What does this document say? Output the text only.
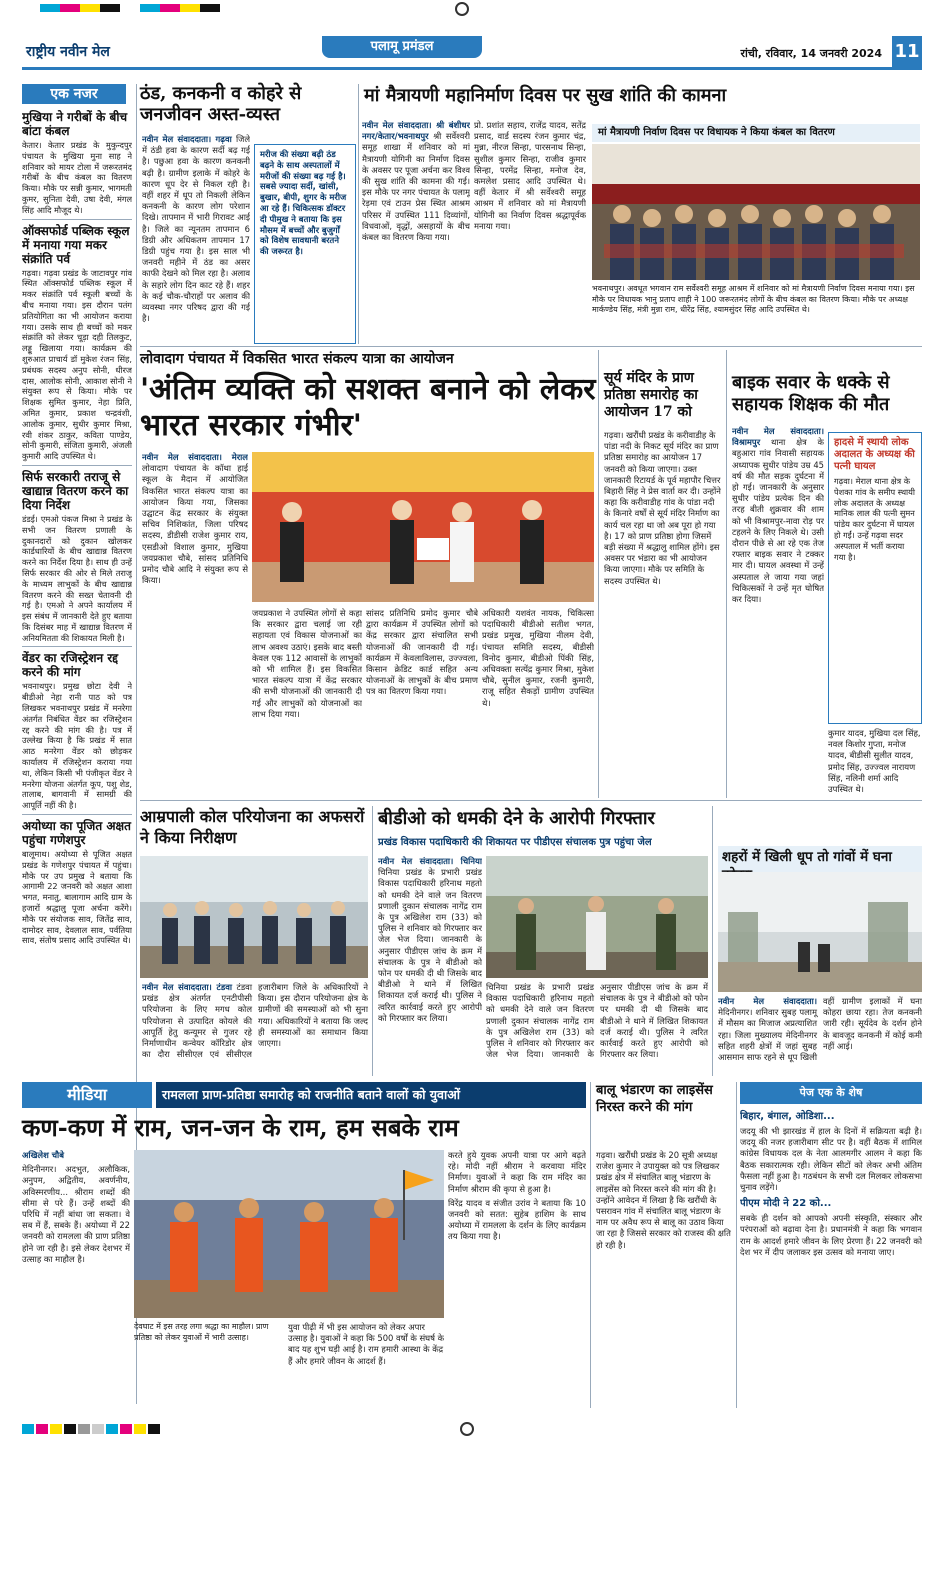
राष्ट्रीय नवीन मेल	पलामू प्रमंडल	रांची, रविवार, 14 जनवरी 2024 11
एक नजर
मुखिया ने गरीबों के बीच बांटा कंबल

केतार। केतार प्रखंड के मुकुन्दपुर पंचायत के मुखिया मुना साह ने शनिवार को मायर टोला में जरूरतमंद गरीबों के बीच कंबल का वितरण किया। मौके पर सन्नी कुमार, भागमती कुमर, सुनिता देवी, उषा देवी, मंगल सिंह आदि मौजूद थे।

ऑक्सफोर्ड पब्लिक स्कूल में मनाया गया मकर संक्रांति पर्व

गढ़वा। गढ़वा प्रखंड के जाटावपुर गांव स्थित ऑक्सफोर्ड पब्लिक स्कूल में मकर संक्रांति पर्व स्कूली बच्चों के बीच मनाया गया। इस दौरान पतंग प्रतियोगिता का भी आयोजन कराया गया। उसके साथ ही बच्चों को मकर संक्रांति को लेकर चूड़ा दही तिलकुट, लड्डू खिलाया गया। कार्यक्रम की शुरुआत प्राचार्य डॉ मुकेश रंजन सिंह, प्रबंधक सदस्य अनुप सोनी, धीरज दास, आलोक सोनी, आकाश सोनी ने संयुक्त रूप से किया। मौके पर शिक्षक सुमित कुमार, नेहा प्रिति, अमित कुमार, प्रकाश चन्द्रवंशी, आलोक कुमार, सुधीर कुमार मिश्रा, रवी शंकर ठाकुर, कविता पाण्डेय, सोनी कुमारी, संजिता कुमारी, अंजली कुमारी आदि उपस्थित थे।

सिर्फ सरकारी तराजू से खाद्यान्न वितरण करने का दिया निर्देश

डंडई। एमओ पंकज मिश्रा ने प्रखंड के सभी जन वितरण प्रणाली के दुकानदारों को दुकान खोलकर कार्डधारियों के बीच खाद्यान्न वितरण करने का निर्देश दिया है। साथ ही उन्हें सिर्फ सरकार की ओर से मिले तराजू के माध्यम लाभुकों के बीच खाद्यान्न वितरण करने की सख्त चेतावनी दी गई है। एमओ ने अपने कार्यालय में इस संबंध में जानकारी देते हुए बताया कि दिसंबर माह में खाद्यान्न वितरण में अनियमितता की शिकायत मिली है।

वेंडर का रजिस्ट्रेशन रद्द करने की मांग

भवनाथपुर। प्रमुख छोटा देवी ने बीडीओ नेहा रानी पाठ को पत्र लिखकर भवनाथपुर प्रखंड में मनरेगा अंतर्गत निबंधित वेंडर का रजिस्ट्रेशन रद्द करने की मांग की है। पत्र में उल्लेख किया है कि प्रखंड में सात आठ मनरेगा वेंडर को छोड़कर कार्यालय में रजिस्ट्रेशन कराया गया था, लेकिन किसी भी पंजीकृत वेंडर ने मनरेगा योजना अंतर्गत कूप, पशु शेड, तालाब, बागवानी में सामग्री की आपूर्ति नहीं की है।

अयोध्या का पूजित अक्षत पहुंचा गणेशपुर

बालूमाथ। अयोध्या से पूजित अक्षत प्रखंड के गणेशपुर पंचायत में पहुंचा। मौके पर उप प्रमुख ने बताया कि आगामी 22 जनवरी को अक्षत आशा भगत, मनातु, बालागाम आदि ग्राम के हजारों श्रद्धालु पूजा अर्चना करेंगे। मौके पर संयोजक साव, जितेंद्र साव, दामोदर साव, देवलाल साव, पर्वतिया साव, संतोष प्रसाद आदि उपस्थित थे।

ठंड, कनकनी व कोहरे से जनजीवन अस्त-व्यस्त

नवीन मेल संवाददाता। गढ़वा जिले में ठंडी हवा के कारण सर्दी बढ़ गई है। पछुआ हवा के कारण कनकनी बढ़ी है। ग्रामीण इलाके में कोहरे के कारण धूप देर से निकल रही है। वहीं शहर में धूप तो निकली लेकिन कनकनी के कारण लोग परेशान दिखे। तापमान में भारी गिरावट आई है। जिले का न्यूनतम तापमान 6 डिग्री और अधिकतम तापमान 17 डिग्री पहुंच गया है। इस साल भी जनवरी महीने में ठंड का असर काफी देखने को मिल रहा है। अलाव के सहारे लोग दिन काट रहे हैं। शहर के कई चौक-चौराहों पर अलाव की व्यवस्था नगर परिषद द्वारा की गई है।

मरीज की संख्या बढ़ी ठंड बढ़ने के साथ अस्पतालों में मरीजों की संख्या बढ़ गई है। सबसे ज्यादा सर्दी, खांसी, बुखार, बीपी, शुगर के मरीज आ रहे हैं। चिकित्सक डॉक्टर दी पीमुख ने बताया कि इस मौसम में बच्चों और बुजुर्गों को विशेष सावधानी बरतने की जरूरत है।
मां मैत्रायणी महानिर्माण दिवस पर सुख शांति की कामना

नवीन मेल संवाददाता। श्री बंशीधर नगर/केतार/भवनाथपुर श्री सर्वेश्वरी समूह शाखा में शनिवार को मां मैत्रायणी योगिनी का निर्माण दिवस के अवसर पर पूजा अर्चना कर विश्व की सुख शांति की कामना की गई। इस मौके पर नगर पंचायत के पलामू रेड़मा एवं टाउन प्रेस स्थित आश्रम परिसर में उपस्थित 111 दिव्यांगों, विधवाओं, वृद्धों, असहायों के बीच कंबल का वितरण किया गया।

प्रो. प्रशांत सहाय, राजेंद्र यादव, सतेंद्र प्रसाद, वार्ड सदस्य रंजन कुमार चंद्र, मुन्ना, नीरज सिन्हा, पारसनाथ सिन्हा, सुशील कुमार सिन्हा, राजीव कुमार सिन्हा, परमेंद्र सिन्हा, मनोज देव, कमलेश प्रसाद आदि उपस्थित थे। वहीं केतार में श्री सर्वेश्वरी समूह आश्रम में शनिवार को मां मैत्रायणी योगिनी का निर्वाण दिवस श्रद्धापूर्वक मनाया गया।

मां मैत्रायणी निर्वाण दिवस पर विधायक ने किया कंबल का वितरण
भवनाथपुर। अवधूत भगवान राम सर्वेश्वरी समूह आश्रम में शनिवार को मां मैत्रायणी निर्वाण दिवस मनाया गया। इस मौके पर विधायक भानु प्रताप शाही ने 100 जरूरतमंद लोगों के बीच कंबल का वितरण किया। मौके पर अध्यक्ष मार्कण्डेय सिंह, मंत्री मुन्ना राम, धीरेंद्र सिंह, श्यामसुंदर सिंह आदि उपस्थित थे।
लोवादाग पंचायत में विकसित भारत संकल्प यात्रा का आयोजन
'अंतिम व्यक्ति को सशक्त बनाने को लेकर भारत सरकार गंभीर'

नवीन मेल संवाददाता। मेराल लोवादाग पंचायत के कॉथा हाई स्कूल के मैदान में आयोजित विकसित भारत संकल्प यात्रा का आयोजन किया गया, जिसका उद्घाटन केंद्र सरकार के संयुक्त सचिव निशिकांत, जिला परिषद सदस्य, डीडीसी राजेश कुमार राय, एसडीओ विशाल कुमार, मुखिया जयप्रकाश चौबे, सांसद प्रतिनिधि प्रमोद चौबे आदि ने संयुक्त रूप से किया।

जयप्रकाश ने उपस्थित लोगों से कहा कि सरकार द्वारा चलाई जा रही सहायता एवं विकास योजनाओं का लाभ अवश्य उठाएं। इसके बाद बस्ती केवल एक 112 आवासों के लाभुकों को भी शामिल हैं। इस विकसित भारत संकल्प यात्रा में केंद्र सरकार की सभी योजनाओं की जानकारी दी गई और लाभुकों को योजनाओं का लाभ दिया गया।

सांसद प्रतिनिधि प्रमोद कुमार चौबे द्वारा कार्यक्रम में उपस्थित लोगों को केंद्र सरकार द्वारा संचालित सभी योजनाओं की जानकारी दी गई। कार्यक्रम में केवलाविलास, उज्ज्वला, किसान क्रेडिट कार्ड सहित अन्य योजनाओं के लाभुकों के बीच प्रमाण पत्र का वितरण किया गया।

अधिकारी यशवंत नायक, चिकित्सा पदाधिकारी बीडीओ सतीश भगत, प्रखंड प्रमुख, मुखिया नीलम देवी, पंचायत समिति सदस्य, बीडीसी विनोद कुमार, बीडीओ पिंकी सिंह, अधिवक्ता सत्येंद्र कुमार मिश्रा, मुकेश चौबे, सुनील कुमार, रजनी कुमारी, राजू सहित सैकड़ों ग्रामीण उपस्थित थे।

सूर्य मंदिर के प्राण प्रतिष्ठा समारोह का आयोजन 17 को
गढ़वा। खरौंधी प्रखंड के करीवाडीह के पांडा नदी के निकट सूर्य मंदिर का प्राण प्रतिष्ठा समारोह का आयोजन 17 जनवरी को किया जाएगा। उक्त जानकारी रिटायर्ड के पूर्व महापौर चित्तर बिहारी सिंह ने प्रेस वार्ता कर दी। उन्होंने कहा कि करीवाडीह गांव के पांडा नदी के किनारे वर्षों से सूर्य मंदिर निर्माण का कार्य चल रहा था जो अब पूरा हो गया है। 17 को प्राण प्रतिष्ठा होगा जिसमें बड़ी संख्या में श्रद्धालु शामिल होंगे। इस अवसर पर भंडारा का भी आयोजन किया जाएगा। मौके पर समिति के सदस्य उपस्थित थे।
बाइक सवार के धक्के से सहायक शिक्षक की मौत

नवीन मेल संवाददाता। विश्रामपुर थाना क्षेत्र के बहुआरा गांव निवासी सहायक अध्यापक सुधीर पांडेय उम्र 45 वर्ष की मौत सड़क दुर्घटना में हो गई। जानकारी के अनुसार सुधीर पांडेय प्रत्येक दिन की तरह बीती शुक्रवार की शाम को भी विश्रामपुर-नावा रोड़ पर टहलने के लिए निकले थे। उसी दौरान पीछे से आ रहे एक तेज रफ्तार बाइक सवार ने टक्कर मार दी। घायल अवस्था में उन्हें अस्पताल ले जाया गया जहां चिकित्सकों ने उन्हें मृत घोषित कर दिया।

हादसे में स्थायी लोक अदालत के अध्यक्ष की पत्नी घायल
गढ़वा। मेराल थाना क्षेत्र के पेशका गांव के समीप स्थायी लोक अदालत के अध्यक्ष मानिक लाल की पत्नी सुमन पांडेय कार दुर्घटना में घायल हो गईं। उन्हें गढ़वा सदर अस्पताल में भर्ती कराया गया है।
कुमार यादव, मुखिया दल सिंह, नवल किशोर गुप्ता, मनोज यादव, बीडीसी सुलीत यादव, प्रमोद सिंह, उज्ज्वल नारायण सिंह, नलिनी शर्मा आदि उपस्थित थे।
आम्रपाली कोल परियोजना का अफसरों ने किया निरीक्षण

नवीन मेल संवाददाता। टंडवा टंडवा प्रखंड क्षेत्र अंतर्गत एनटीपीसी परियोजना के लिए मगध कोल परियोजना से उत्पादित कोयले की आपूर्ति हेतु कन्यूमर से गुजर रहे निर्माणाधीन कन्वेयर कॉरिडोर क्षेत्र का दौरा सीसीएल एवं सीसीएल हजारीबाग जिले के अधिकारियों ने किया। इस दौरान परियोजना क्षेत्र के ग्रामीणों की समस्याओं को भी सुना गया। अधिकारियों ने बताया कि जल्द ही समस्याओं का समाधान किया जाएगा।

बीडीओ को धमकी देने के आरोपी गिरफ्तार
प्रखंड विकास पदाधिकारी की शिकायत पर पीडीएस संचालक पुत्र पहुंचा जेल

नवीन मेल संवाददाता। चिनिया चिनिया प्रखंड के प्रभारी प्रखंड विकास पदाधिकारी हरिनाथ महतो को धमकी देने वाले जन वितरण प्रणाली दुकान संचालक नागेंद्र राम के पुत्र अखिलेश राम (33) को पुलिस ने शनिवार को गिरफ्तार कर जेल भेज दिया। जानकारी के अनुसार पीडीएस जांच के क्रम में संचालक के पुत्र ने बीडीओ को फोन पर धमकी दी थी जिसके बाद बीडीओ ने थाने में लिखित शिकायत दर्ज कराई थी। पुलिस ने त्वरित कार्रवाई करते हुए आरोपी को गिरफ्तार कर लिया।

चिनिया प्रखंड के प्रभारी प्रखंड विकास पदाधिकारी हरिनाथ महतो को धमकी देने वाले जन वितरण प्रणाली दुकान संचालक नागेंद्र राम के पुत्र अखिलेश राम (33) को पुलिस ने शनिवार को गिरफ्तार कर जेल भेज दिया। जानकारी के अनुसार पीडीएस जांच के क्रम में संचालक के पुत्र ने बीडीओ को फोन पर धमकी दी थी जिसके बाद बीडीओ ने थाने में लिखित शिकायत दर्ज कराई थी। पुलिस ने त्वरित कार्रवाई करते हुए आरोपी को गिरफ्तार कर लिया।

शहरों में खिली धूप तो गांवों में घना

नवीन मेल संवाददाता। मेदिनीनगर। शनिवार सुबह पलामू में मौसम का मिजाज अप्रत्याशित रहा। जिला मुख्यालय मेदिनीनगर सहित शहरी क्षेत्रों में जहां सुबह आसमान साफ रहने से धूप खिली वहीं ग्रामीण इलाकों में घना कोहरा छाया रहा। तेज कनकनी जारी रही। सूर्यदेव के दर्शन होने के बावजूद कनकनी में कोई कमी नहीं आई।

मीडिया	रामलला प्राण-प्रतिष्ठा समारोह को राजनीति बताने वालों को युवाओं
कण-कण में राम, जन-जन के राम, हम सबके राम

अखिलेश चौबे

मेदिनीनगर। अदभुत, अलौकिक, अनुपम, अद्वितीय, अवर्णनीय, अविस्मरणीय... श्रीराम शब्दों की सीमा से परे हैं। उन्हें शब्दों की परिधि में नहीं बांधा जा सकता। वे सब में हैं, सबके हैं। अयोध्या में 22 जनवरी को रामलला की प्राण प्रतिष्ठा होने जा रही है। इसे लेकर देशभर में उत्साह का माहौल है।

देवघाट में इस तरह लगा श्रद्धा का माहौल। प्राण प्रतिष्ठा को लेकर युवाओं में भारी उत्साह।
युवा पीढ़ी में भी इस आयोजन को लेकर अपार उत्साह है। युवाओं ने कहा कि 500 वर्षों के संघर्ष के बाद यह शुभ घड़ी आई है। राम हमारी आस्था के केंद्र हैं और हमारे जीवन के आदर्श हैं।

करते हुये युवक अपनी यात्रा पर आगे बढ़ते रहे। मोदी नहीं श्रीराम ने करवाया मंदिर निर्माण। युवाओं ने कहा कि राम मंदिर का निर्माण श्रीराम की कृपा से हुआ है।

विरेंद्र यादव व संजीत उरांव ने बताया कि 10 जनवरी को सतत: सुहेब हाशिम के साथ अयोध्या में रामलला के दर्शन के लिए कार्यक्रम तय किया गया है।

बालू भंडारण का लाइसेंस निरस्त करने की मांग
गढ़वा। खरौंधी प्रखंड के 20 सूत्री अध्यक्ष राजेश कुमार ने उपायुक्त को पत्र लिखकर प्रखंड क्षेत्र में संचालित बालू भंडारण के लाइसेंस को निरस्त करने की मांग की है। उन्होंने आवेदन में लिखा है कि खरौंधी के पसरावन गांव में संचालित बालू भंडारण के नाम पर अवैध रूप से बालू का उठाव किया जा रहा है जिससे सरकार को राजस्व की क्षति हो रही है।
पेज एक के शेष
बिहार, बंगाल, ओडिशा...

जदयू की भी झारखंड में हाल के दिनों में सक्रियता बढ़ी है। जदयू की नजर हजारीबाग सीट पर है। वहीं बैठक में शामिल कांग्रेस विधायक दल के नेता आलमगीर आलम ने कहा कि बैठक सकारात्मक रही। लेकिन सीटों को लेकर अभी अंतिम फैसला नहीं हुआ है। गठबंधन के सभी दल मिलकर लोकसभा चुनाव लड़ेंगे।

पीएम मोदी ने 22 को...

सबके ही दर्शन को आपको अपनी संस्कृति, संस्कार और परंपराओं को बढ़ावा देना है। प्रधानमंत्री ने कहा कि भगवान राम के आदर्श हमारे जीवन के लिए प्रेरणा हैं। 22 जनवरी को देश भर में दीप जलाकर इस उत्सव को मनाया जाए।
